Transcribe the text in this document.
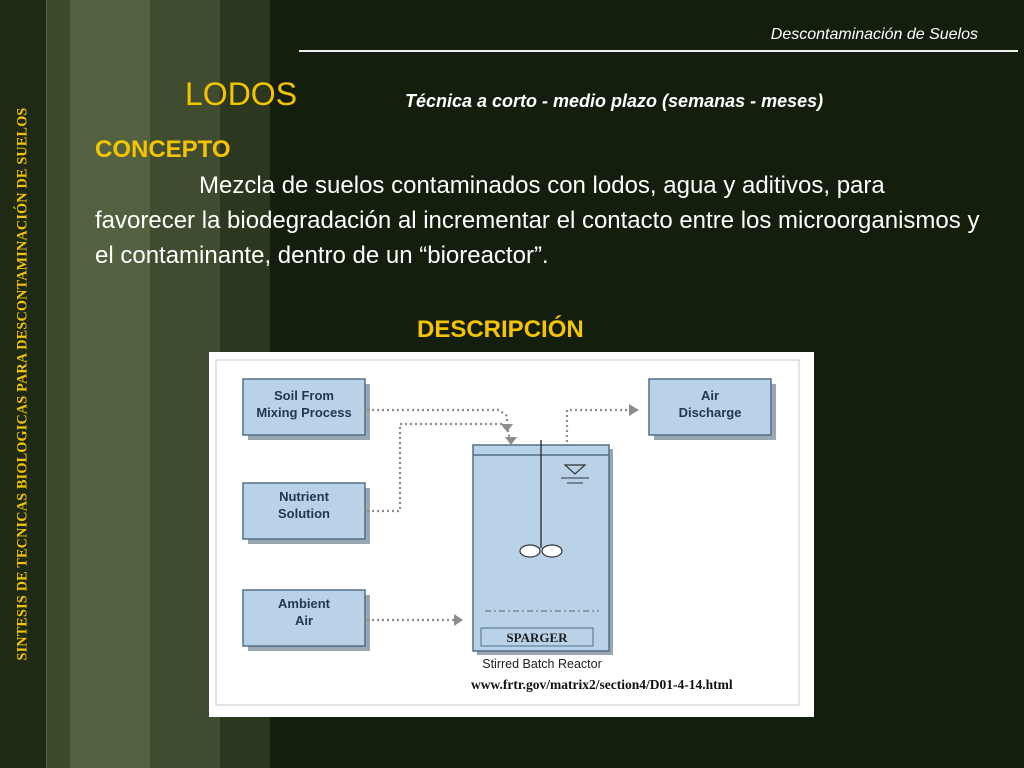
SINTESIS DE TECNICAS BIOLOGICAS PARA DESCONTAMINACIÓN DE SUELOS
Descontaminación de Suelos
LODOS	Técnica a corto - medio plazo (semanas - meses)
CONCEPTO

Mezcla de suelos contaminados con lodos, agua y aditivos, para favorecer la biodegradación al incrementar el contacto entre los microorganismos y el contaminante, dentro de un “bioreactor”.

DESCRIPCIÓN
Soil From
Mixing Process
Nutrient
Solution
Ambient
Air
Air
Discharge
SPARGER
Stirred Batch Reactor
www.frtr.gov/matrix2/section4/D01-4-14.html
